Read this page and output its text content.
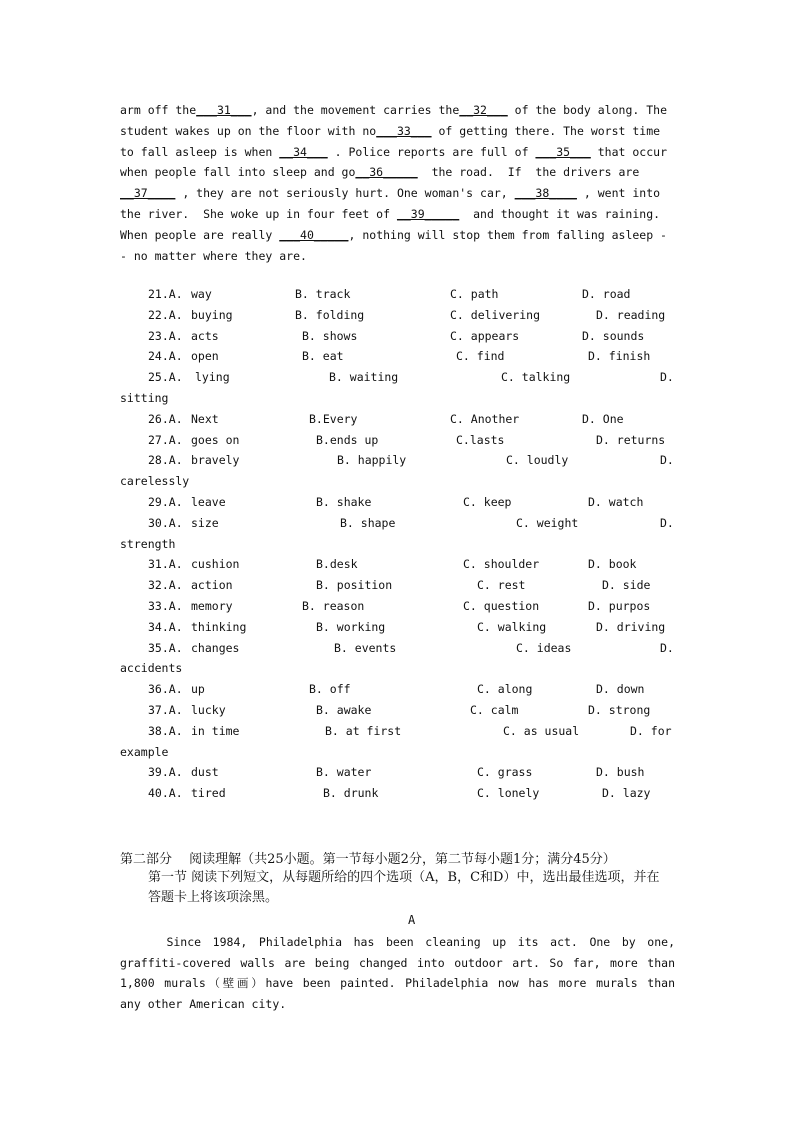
arm off the___31___, and the movement carries the__32___ of the body along. The
student wakes up on the floor with no___33___ of getting there. The worst time
to fall asleep is when __34___ . Police reports are full of ___35___ that occur
when people fall into sleep and go__36_____  the road.  If  the drivers are
__37____ , they are not seriously hurt. One woman's car, ___38____ , went into
the river.  She woke up in four feet of __39_____  and thought it was raining.
When people are really ___40_____, nothing will stop them from falling asleep -
- no matter where they are.
21.A. way	B. track	C. path	D. road
22.A. buying	B. folding	C. delivering	D. reading
23.A. acts	B. shows	C. appears	D. sounds
24.A. open	B. eat	C. find	D. finish
25.A. lying	B. waiting	C. talking	D.
sitting
26.A. Next	B.Every	C. Another	D. One
27.A. goes on	B.ends up	C.lasts	D. returns
28.A. bravely	B. happily	C. loudly	D.
carelessly
29.A. leave	B. shake	C. keep	D. watch
30.A. size	B. shape	C. weight	D.
strength
31.A. cushion	B.desk	C. shoulder	D. book
32.A. action	B. position	C. rest	D. side
33.A. memory	B. reason	C. question	D. purpos
34.A. thinking	B. working	C. walking	D. driving
35.A. changes	B. events	C. ideas	D.
accidents
36.A. up	B. off	C. along	D. down
37.A. lucky	B. awake	C. calm	D. strong
38.A. in time	B. at first	C. as usual	D. for
example
39.A. dust	B. water	C. grass	D. bush
40.A. tired	B. drunk	C. lonely	D. lazy
第二部分　 阅读理解（共25小题。第一节每小题2分，第二节每小题1分；满分45分）
第一节 阅读下列短文，从每题所给的四个选项（A，B，C和D）中，选出最佳选项，并在答题卡上将该项涂黑。
A
Since 1984, Philadelphia has been cleaning up its act. One by one,
graffiti-covered walls are being changed into outdoor art. So far, more than
1,800 murals（壁画）have been painted. Philadelphia now has more murals than
any other American city.
